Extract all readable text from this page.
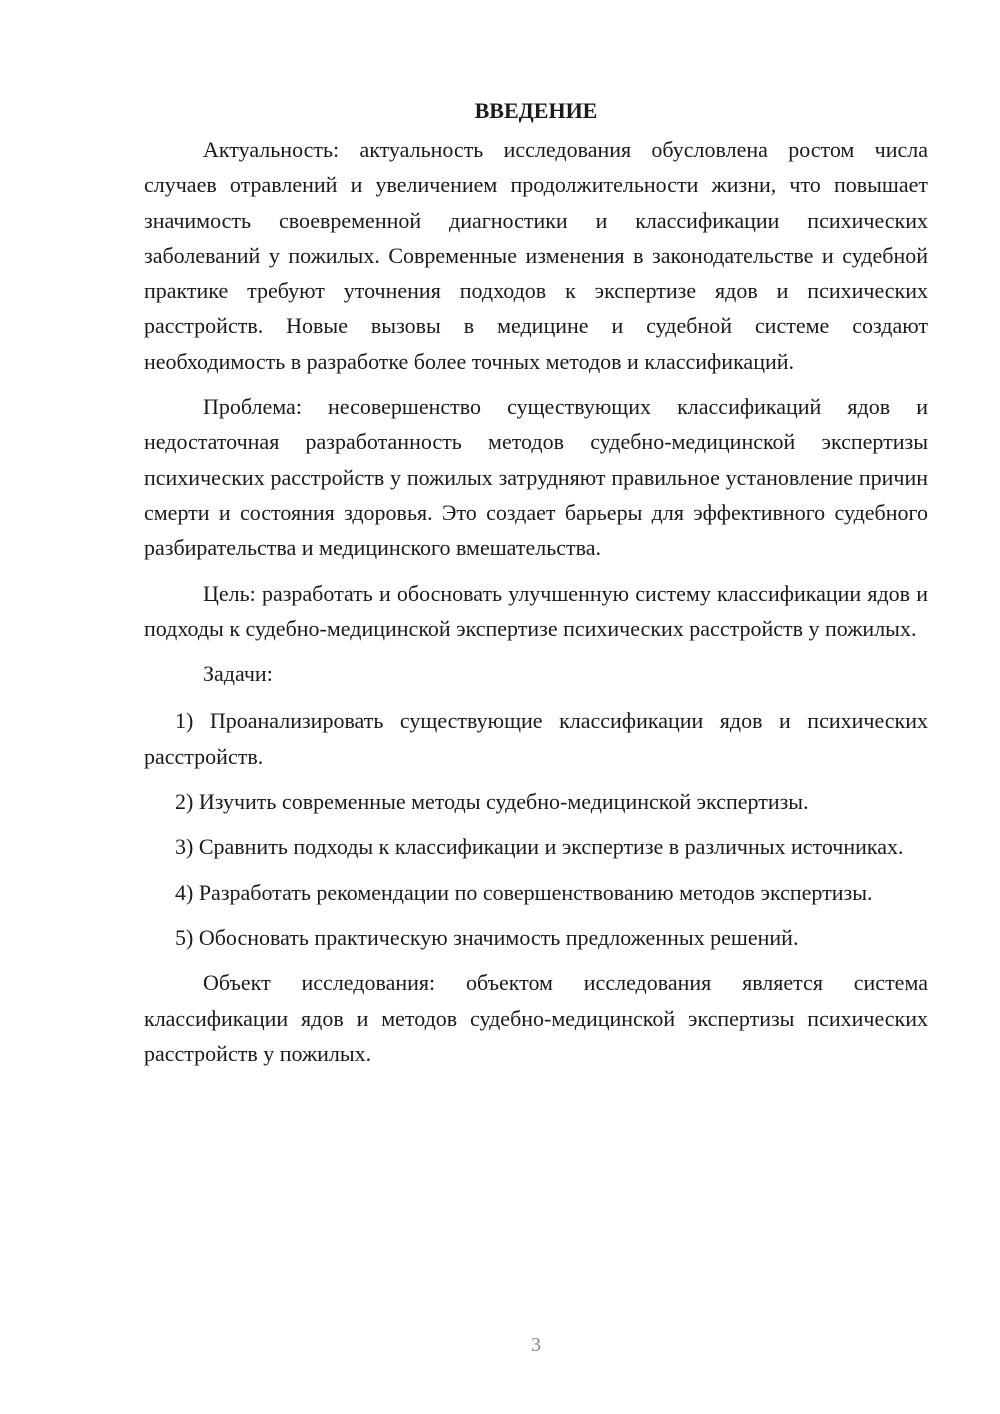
ВВЕДЕНИЕ

Актуальность: актуальность исследования обусловлена ростом числа случаев отравлений и увеличением продолжительности жизни, что повышает значимость своевременной диагностики и классификации психических заболеваний у пожилых. Современные изменения в законодательстве и судебной практике требуют уточнения подходов к экспертизе ядов и психических расстройств. Новые вызовы в медицине и судебной системе создают необходимость в разработке более точных методов и классификаций.

Проблема: несовершенство существующих классификаций ядов и недостаточная разработанность методов судебно-медицинской экспертизы психических расстройств у пожилых затрудняют правильное установление причин смерти и состояния здоровья. Это создает барьеры для эффективного судебного разбирательства и медицинского вмешательства.

Цель: разработать и обосновать улучшенную систему классификации ядов и подходы к судебно-медицинской экспертизе психических расстройств у пожилых.

Задачи:

1) Проанализировать существующие классификации ядов и психических расстройств.

2) Изучить современные методы судебно-медицинской экспертизы.

3) Сравнить подходы к классификации и экспертизе в различных источниках.

4) Разработать рекомендации по совершенствованию методов экспертизы.

5) Обосновать практическую значимость предложенных решений.

Объект исследования: объектом исследования является система классификации ядов и методов судебно-медицинской экспертизы психических расстройств у пожилых.

3
